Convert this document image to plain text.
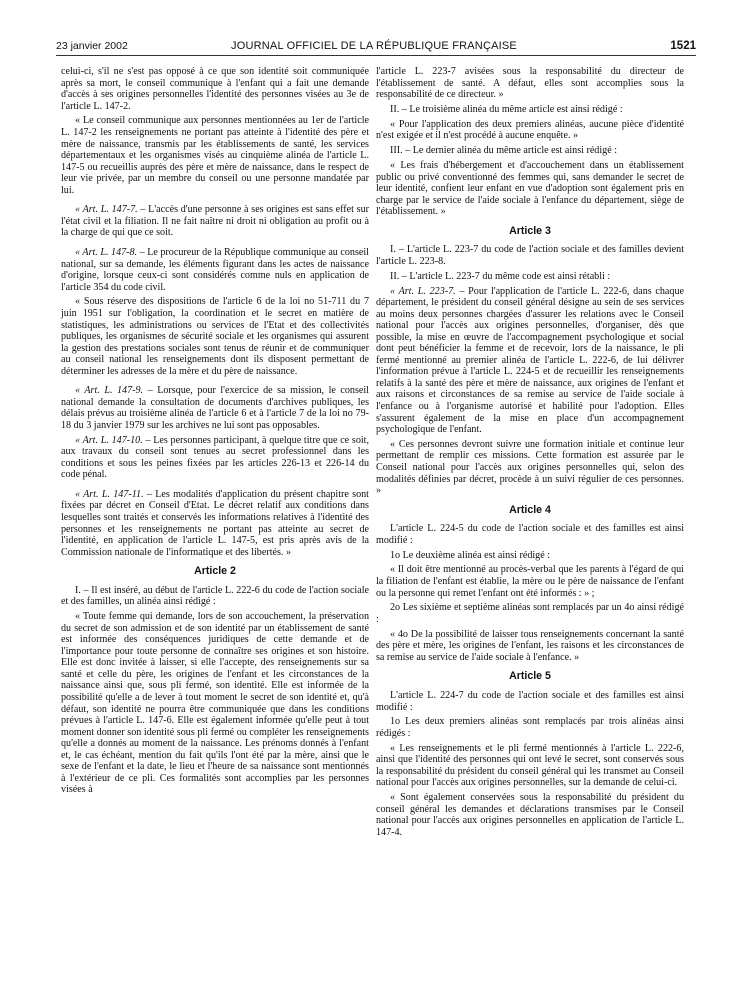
23 janvier 2002	JOURNAL OFFICIEL DE LA RÉPUBLIQUE FRANÇAISE	1521

celui-ci, s'il ne s'est pas opposé à ce que son identité soit communiquée après sa mort, le conseil communique à l'enfant qui a fait une demande d'accès à ses origines personnelles l'identité des personnes visées au 3e de l'article L. 147-2.

« Le conseil communique aux personnes mentionnées au 1er de l'article L. 147-2 les renseignements ne portant pas atteinte à l'identité des père et mère de naissance, transmis par les établissements de santé, les services départementaux et les organismes visés au cinquième alinéa de l'article L. 147-5 ou recueillis auprès des père et mère de naissance, dans le respect de leur vie privée, par un membre du conseil ou une personne mandatée par lui.

« Art. L. 147-7. – L'accès d'une personne à ses origines est sans effet sur l'état civil et la filiation. Il ne fait naître ni droit ni obligation au profit ou à la charge de qui que ce soit.

« Art. L. 147-8. – Le procureur de la République communique au conseil national, sur sa demande, les éléments figurant dans les actes de naissance d'origine, lorsque ceux-ci sont considérés comme nuls en application de l'article 354 du code civil.

« Sous réserve des dispositions de l'article 6 de la loi no 51-711 du 7 juin 1951 sur l'obligation, la coordination et le secret en matière de statistiques, les administrations ou services de l'Etat et des collectivités publiques, les organismes de sécurité sociale et les organismes qui assurent la gestion des prestations sociales sont tenus de réunir et de communiquer au conseil national les renseignements dont ils disposent permettant de déterminer les adresses de la mère et du père de naissance.

« Art. L. 147-9. – Lorsque, pour l'exercice de sa mission, le conseil national demande la consultation de documents d'archives publiques, les délais prévus au troisième alinéa de l'article 6 et à l'article 7 de la loi no 79-18 du 3 janvier 1979 sur les archives ne lui sont pas opposables.

« Art. L. 147-10. – Les personnes participant, à quelque titre que ce soit, aux travaux du conseil sont tenues au secret professionnel dans les conditions et sous les peines fixées par les articles 226-13 et 226-14 du code pénal.

« Art. L. 147-11. – Les modalités d'application du présent chapitre sont fixées par décret en Conseil d'Etat. Le décret relatif aux conditions dans lesquelles sont traités et conservés les informations relatives à l'identité des personnes et les renseignements ne portant pas atteinte au secret de l'identité, en application de l'article L. 147-5, est pris après avis de la Commission nationale de l'informatique et des libertés. »

Article 2

I. – Il est inséré, au début de l'article L. 222-6 du code de l'action sociale et des familles, un alinéa ainsi rédigé :

« Toute femme qui demande, lors de son accouchement, la préservation du secret de son admission et de son identité par un établissement de santé est informée des conséquences juridiques de cette demande et de l'importance pour toute personne de connaître ses origines et son histoire. Elle est donc invitée à laisser, si elle l'accepte, des renseignements sur sa santé et celle du père, les origines de l'enfant et les circonstances de la naissance ainsi que, sous pli fermé, son identité. Elle est informée de la possibilité qu'elle a de lever à tout moment le secret de son identité et, qu'à défaut, son identité ne pourra être communiquée que dans les conditions prévues à l'article L. 147-6. Elle est également informée qu'elle peut à tout moment donner son identité sous pli fermé ou compléter les renseignements qu'elle a donnés au moment de la naissance. Les prénoms donnés à l'enfant et, le cas échéant, mention du fait qu'ils l'ont été par la mère, ainsi que le sexe de l'enfant et la date, le lieu et l'heure de sa naissance sont mentionnés à l'extérieur de ce pli. Ces formalités sont accomplies par les personnes visées à

l'article L. 223-7 avisées sous la responsabilité du directeur de l'établissement de santé. A défaut, elles sont accomplies sous la responsabilité de ce directeur. »

II. – Le troisième alinéa du même article est ainsi rédigé :

« Pour l'application des deux premiers alinéas, aucune pièce d'identité n'est exigée et il n'est procédé à aucune enquête. »

III. – Le dernier alinéa du même article est ainsi rédigé :

« Les frais d'hébergement et d'accouchement dans un établissement public ou privé conventionné des femmes qui, sans demander le secret de leur identité, confient leur enfant en vue d'adoption sont également pris en charge par le service de l'aide sociale à l'enfance du département, siège de l'établissement. »

Article 3

I. – L'article L. 223-7 du code de l'action sociale et des familles devient l'article L. 223-8.

II. – L'article L. 223-7 du même code est ainsi rétabli :

« Art. L. 223-7. – Pour l'application de l'article L. 222-6, dans chaque département, le président du conseil général désigne au sein de ses services au moins deux personnes chargées d'assurer les relations avec le Conseil national pour l'accès aux origines personnelles, d'organiser, dès que possible, la mise en œuvre de l'accompagnement psychologique et social dont peut bénéficier la femme et de recevoir, lors de la naissance, le pli fermé mentionné au premier alinéa de l'article L. 222-6, de lui délivrer l'information prévue à l'article L. 224-5 et de recueillir les renseignements relatifs à la santé des père et mère de naissance, aux origines de l'enfant et aux raisons et circonstances de sa remise au service de l'aide sociale à l'enfance ou à l'organisme autorisé et habilité pour l'adoption. Elles s'assurent également de la mise en place d'un accompagnement psychologique de l'enfant.

« Ces personnes devront suivre une formation initiale et continue leur permettant de remplir ces missions. Cette formation est assurée par le Conseil national pour l'accès aux origines personnelles qui, selon des modalités définies par décret, procède à un suivi régulier de ces personnes. »

Article 4

L'article L. 224-5 du code de l'action sociale et des familles est ainsi modifié :

1o Le deuxième alinéa est ainsi rédigé :

« Il doit être mentionné au procès-verbal que les parents à l'égard de qui la filiation de l'enfant est établie, la mère ou le père de naissance de l'enfant ou la personne qui remet l'enfant ont été informés : » ;

2o Les sixième et septième alinéas sont remplacés par un 4o ainsi rédigé :

« 4o De la possibilité de laisser tous renseignements concernant la santé des père et mère, les origines de l'enfant, les raisons et les circonstances de sa remise au service de l'aide sociale à l'enfance. »

Article 5

L'article L. 224-7 du code de l'action sociale et des familles est ainsi modifié :

1o Les deux premiers alinéas sont remplacés par trois alinéas ainsi rédigés :

« Les renseignements et le pli fermé mentionnés à l'article L. 222-6, ainsi que l'identité des personnes qui ont levé le secret, sont conservés sous la responsabilité du président du conseil général qui les transmet au Conseil national pour l'accès aux origines personnelles, sur la demande de celui-ci.

« Sont également conservées sous la responsabilité du président du conseil général les demandes et déclarations transmises par le Conseil national pour l'accès aux origines personnelles en application de l'article L. 147-4.
